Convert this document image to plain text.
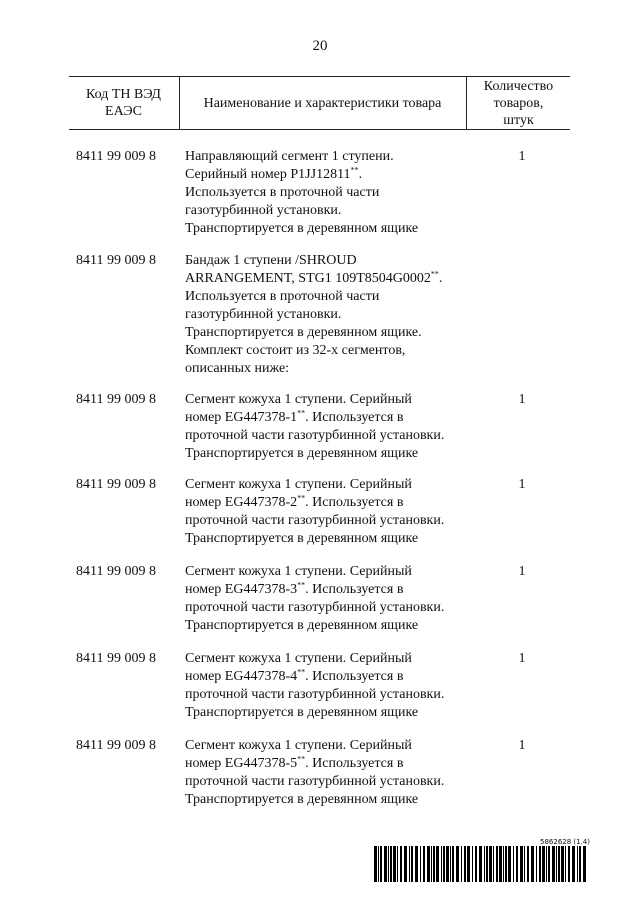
20
Код ТН ВЭД
ЕАЭС
Наименование и характеристики товара
Количество
товаров,
штук
8411 99 009 8 Направляющий сегмент 1 ступени.
Серийный номер P1JJ12811**.
Используется в проточной части
газотурбинной установки.
Транспортируется в деревянном ящике
1
8411 99 009 8 Бандаж 1 ступени /SHROUD
ARRANGEMENT, STG1 109T8504G0002**.
Используется в проточной части
газотурбинной установки.
Транспортируется в деревянном ящике.
Комплект состоит из 32-х сегментов,
описанных ниже:
8411 99 009 8 Сегмент кожуха 1 ступени. Серийный
номер EG447378-1**. Используется в
проточной части газотурбинной установки.
Транспортируется в деревянном ящике
1
8411 99 009 8 Сегмент кожуха 1 ступени. Серийный
номер EG447378-2**. Используется в
проточной части газотурбинной установки.
Транспортируется в деревянном ящике
1
8411 99 009 8 Сегмент кожуха 1 ступени. Серийный
номер EG447378-3**. Используется в
проточной части газотурбинной установки.
Транспортируется в деревянном ящике
1
8411 99 009 8 Сегмент кожуха 1 ступени. Серийный
номер EG447378-4**. Используется в
проточной части газотурбинной установки.
Транспортируется в деревянном ящике
1
8411 99 009 8 Сегмент кожуха 1 ступени. Серийный
номер EG447378-5**. Используется в
проточной части газотурбинной установки.
Транспортируется в деревянном ящике
1
5862628 (1.4)
